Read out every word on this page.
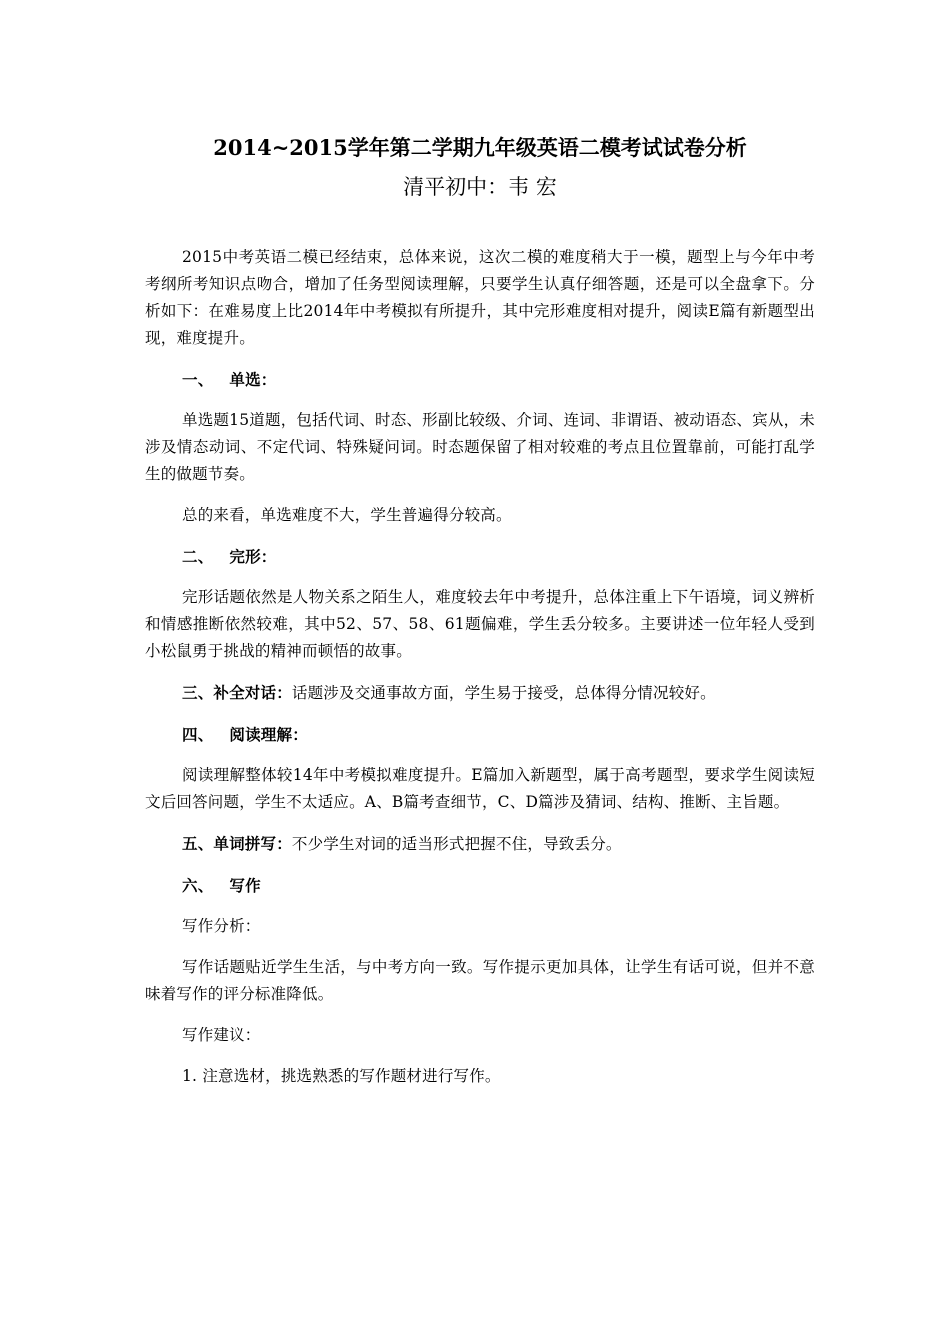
2014~2015学年第二学期九年级英语二模考试试卷分析
清平初中：韦 宏

2015中考英语二模已经结束，总体来说，这次二模的难度稍大于一模，题型上与今年中考考纲所考知识点吻合，增加了任务型阅读理解，只要学生认真仔细答题，还是可以全盘拿下。分析如下：在难易度上比2014年中考模拟有所提升，其中完形难度相对提升，阅读E篇有新题型出现，难度提升。

一、 单选：

单选题15道题，包括代词、时态、形副比较级、介词、连词、非谓语、被动语态、宾从，未涉及情态动词、不定代词、特殊疑问词。时态题保留了相对较难的考点且位置靠前，可能打乱学生的做题节奏。

总的来看，单选难度不大，学生普遍得分较高。

二、 完形：

完形话题依然是人物关系之陌生人，难度较去年中考提升，总体注重上下午语境，词义辨析和情感推断依然较难，其中52、57、58、61题偏难，学生丢分较多。主要讲述一位年轻人受到小松鼠勇于挑战的精神而顿悟的故事。

三、补全对话：话题涉及交通事故方面，学生易于接受，总体得分情况较好。

四、 阅读理解：

阅读理解整体较14年中考模拟难度提升。E篇加入新题型，属于高考题型，要求学生阅读短文后回答问题，学生不太适应。A、B篇考查细节，C、D篇涉及猜词、结构、推断、主旨题。

五、单词拼写：不少学生对词的适当形式把握不住，导致丢分。

六、 写作

写作分析：

写作话题贴近学生生活，与中考方向一致。写作提示更加具体，让学生有话可说，但并不意味着写作的评分标准降低。

写作建议：

1. 注意选材，挑选熟悉的写作题材进行写作。
